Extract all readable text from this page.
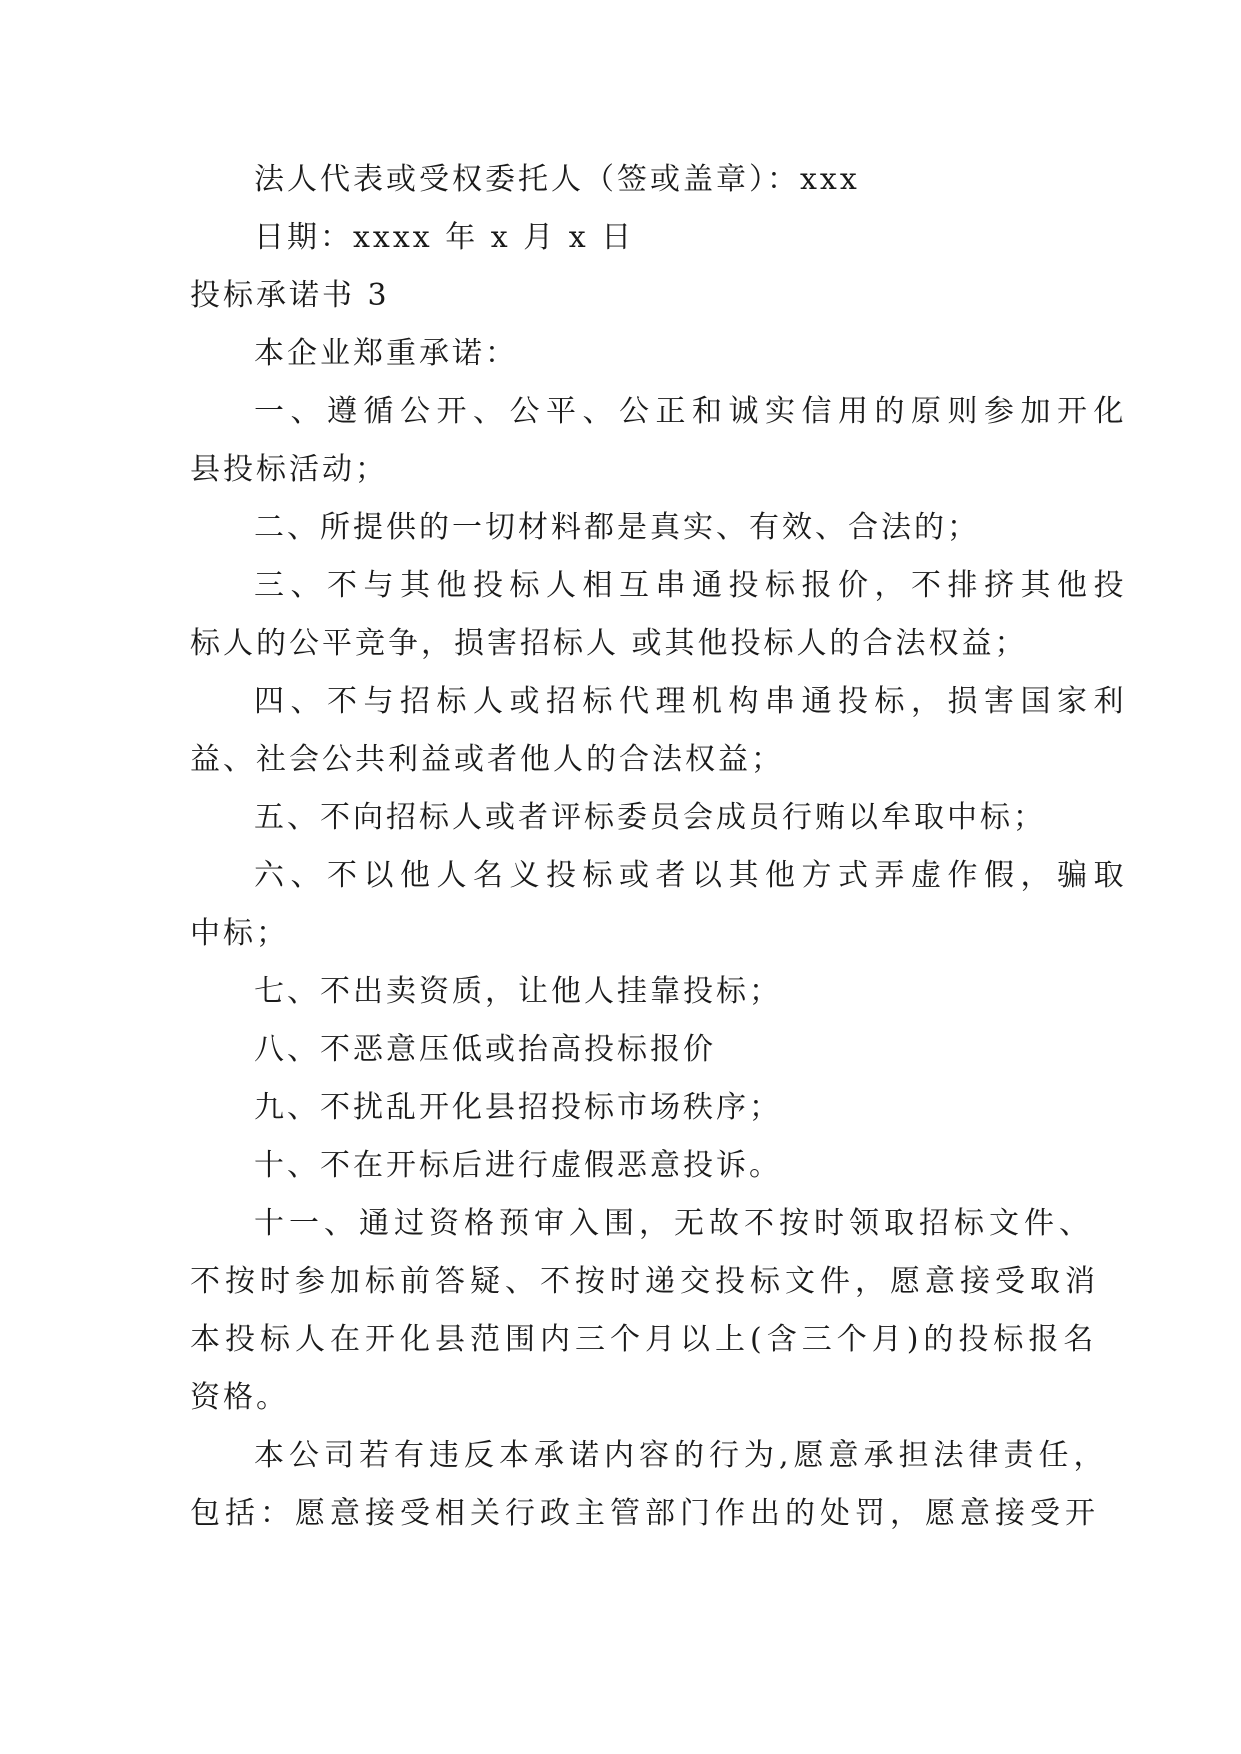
法人代表或受权委托人（签或盖章）：xxx
日期：xxxx 年 x 月 x 日
投标承诺书 3
本企业郑重承诺：
一、遵循公开、公平、公正和诚实信用的原则参加开化
县投标活动；
二、所提供的一切材料都是真实、有效、合法的；
三、不与其他投标人相互串通投标报价，不排挤其他投
标人的公平竞争，损害招标人 或其他投标人的合法权益；
四、不与招标人或招标代理机构串通投标，损害国家利
益、社会公共利益或者他人的合法权益；
五、不向招标人或者评标委员会成员行贿以牟取中标；
六、不以他人名义投标或者以其他方式弄虚作假，骗取
中标；
七、不出卖资质，让他人挂靠投标；
八、不恶意压低或抬高投标报价
九、不扰乱开化县招投标市场秩序；
十、不在开标后进行虚假恶意投诉。
十一、通过资格预审入围，无故不按时领取招标文件、
不按时参加标前答疑、不按时递交投标文件，愿意接受取消
本投标人在开化县范围内三个月以上(含三个月)的投标报名
资格。
本公司若有违反本承诺内容的行为,愿意承担法律责任，
包括：愿意接受相关行政主管部门作出的处罚，愿意接受开
